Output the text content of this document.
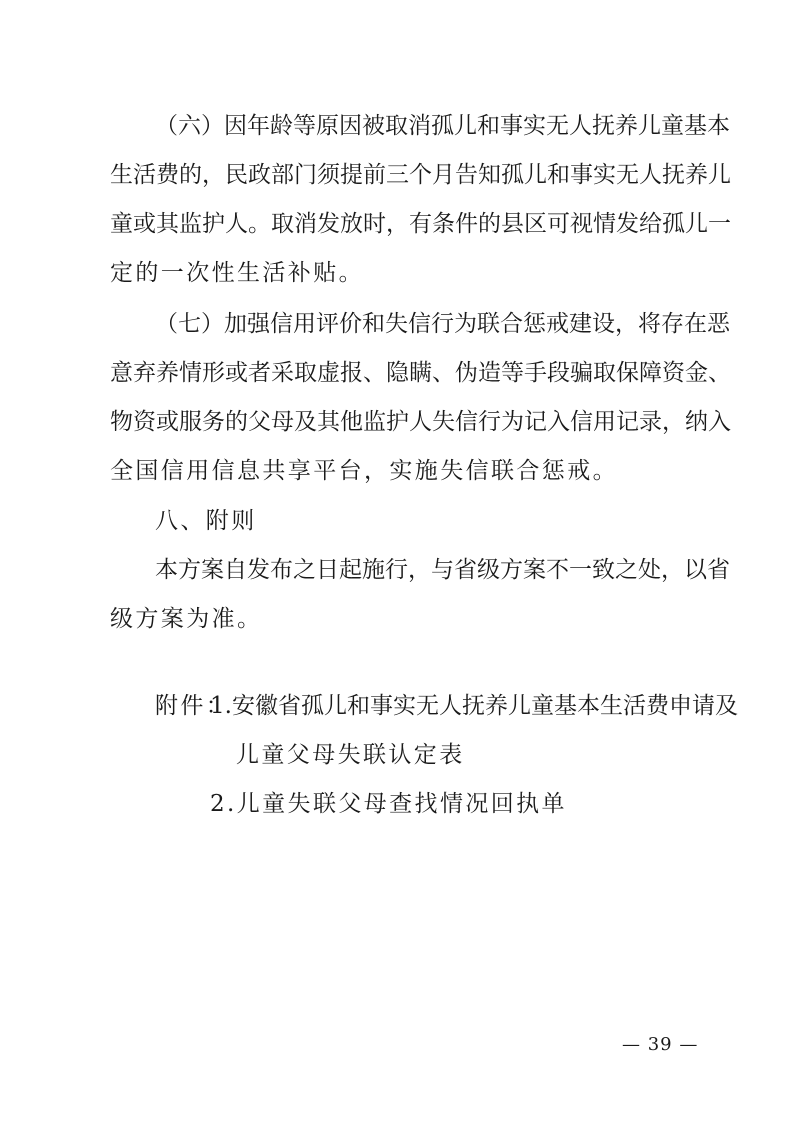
（六）因年龄等原因被取消孤儿和事实无人抚养儿童基本
生活费的，民政部门须提前三个月告知孤儿和事实无人抚养儿
童或其监护人。取消发放时，有条件的县区可视情发给孤儿一
定的一次性生活补贴。
（七）加强信用评价和失信行为联合惩戒建设，将存在恶
意弃养情形或者采取虚报、隐瞒、伪造等手段骗取保障资金、
物资或服务的父母及其他监护人失信行为记入信用记录，纳入
全国信用信息共享平台，实施失信联合惩戒。
八、附则
本方案自发布之日起施行，与省级方案不一致之处，以省
级方案为准。
附件：
1.安徽省孤儿和事实无人抚养儿童基本生活费申请及
儿童父母失联认定表
2.儿童失联父母查找情况回执单
— 39 —
